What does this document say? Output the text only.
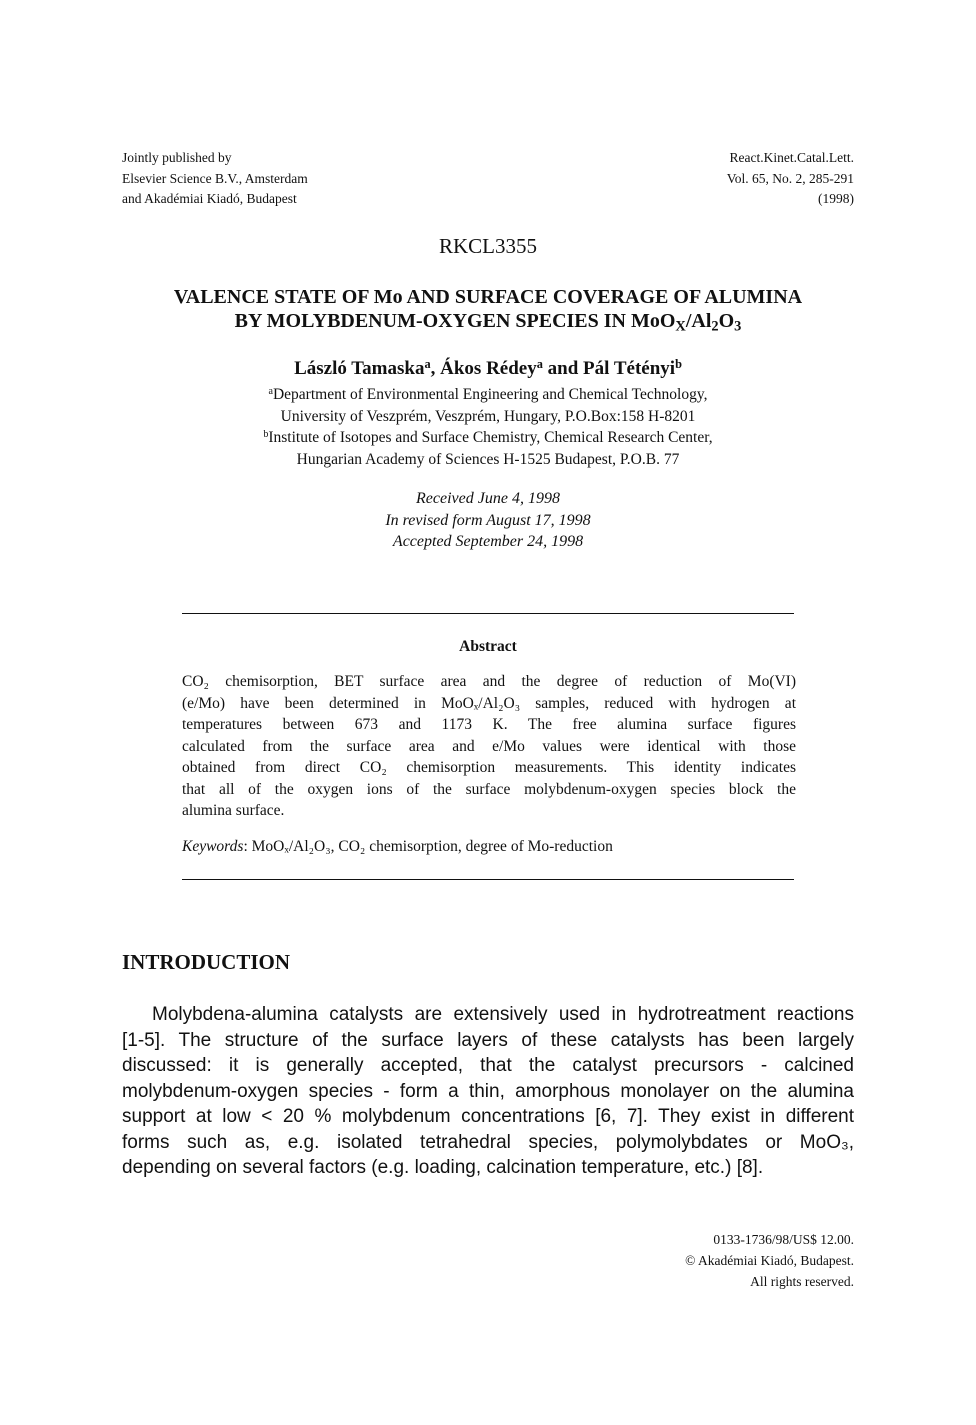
Jointly published by
Elsevier Science B.V., Amsterdam
and Akadémiai Kiadó, Budapest
React.Kinet.Catal.Lett.
Vol. 65, No. 2, 285-291
(1998)
RKCL3355
VALENCE STATE OF Mo AND SURFACE COVERAGE OF ALUMINA
BY MOLYBDENUM-OXYGEN SPECIES IN $MoO_X/Al_2O_3$
László Tamaska$^a$, Ákos Rédey$^a$ and Pál Tétényi$^b$
$^a$Department of Environmental Engineering and Chemical Technology,
University of Veszprém, Veszprém, Hungary, P.O.Box:158 H-8201
$^b$Institute of Isotopes and Surface Chemistry, Chemical Research Center,
Hungarian Academy of Sciences H-1525 Budapest, P.O.B. 77
Received June 4, 1998
In revised form August 17, 1998
Accepted September 24, 1998
Abstract
CO₂ chemisorption, BET surface area and the degree of reduction of Mo(VI)
(e/Mo) have been determined in MoOₓ/Al₂O₃ samples, reduced with hydrogen at
temperatures between 673 and 1173 K. The free alumina surface figures
calculated from the surface area and e/Mo values were identical with those
obtained from direct CO₂ chemisorption measurements. This identity indicates
that all of the oxygen ions of the surface molybdenum-oxygen species block the
alumina surface.
Keywords: MoOₓ/Al₂O₃, CO₂ chemisorption, degree of Mo-reduction
INTRODUCTION
Molybdena-alumina catalysts are extensively used in hydrotreatment reactions
[1-5]. The structure of the surface layers of these catalysts has been largely
discussed: it is generally accepted, that the catalyst precursors - calcined
molybdenum-oxygen species - form a thin, amorphous monolayer on the alumina
support at low < 20 % molybdenum concentrations [6, 7]. They exist in different
forms such as, e.g. isolated tetrahedral species, polymolybdates or MoO₃,
depending on several factors (e.g. loading, calcination temperature, etc.) [8].
0133-1736/98/US$ 12.00.
© Akadémiai Kiadó, Budapest.
All rights reserved.
